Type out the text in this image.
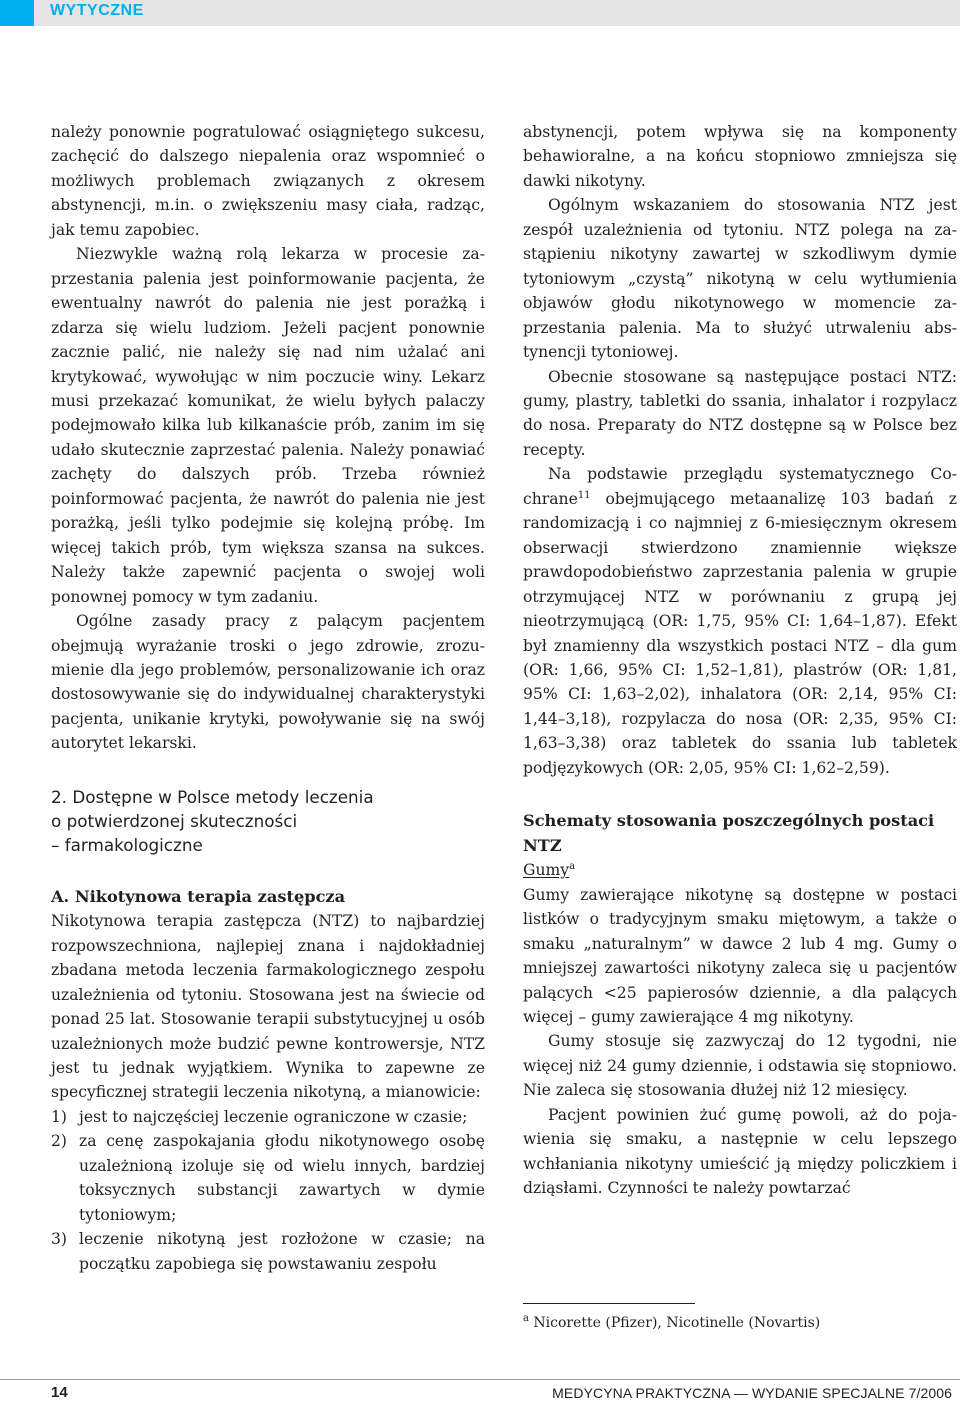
WYTYCZNE

należy ponownie pogratulować osiągniętego sukcesu, zachęcić do dalszego niepalenia oraz wspomnieć o możliwych problemach związanych z okresem abstynencji, m.in. o zwiększeniu masy ciała, radząc, jak temu zapobiec.

Niezwykle ważną rolą lekarza w procesie zaprzestania palenia jest poinformowanie pacjenta, że ewentualny nawrót do palenia nie jest porażką i zdarza się wielu ludziom. Jeżeli pacjent ponownie zacznie palić, nie należy się nad nim użalać ani krytykować, wywołując w nim poczucie winy. Lekarz musi przekazać komunikat, że wielu byłych palaczy podejmowało kilka lub kilkanaście prób, zanim im się udało skutecznie zaprzestać palenia. Należy ponawiać zachęty do dalszych prób. Trzeba również poinformować pacjenta, że nawrót do palenia nie jest porażką, jeśli tylko podejmie się kolejną próbę. Im więcej takich prób, tym większa szansa na sukces. Należy także zapewnić pacjenta o swojej woli ponownej pomocy w tym zadaniu.

Ogólne zasady pracy z palącym pacjentem obejmują wyrażanie troski o jego zdrowie, zrozumienie dla jego problemów, personalizowanie ich oraz dostosowywanie się do indywidualnej charakterystyki pacjenta, unikanie krytyki, powoływanie się na swój autorytet lekarski.

2. Dostępne w Polsce metody leczenia
o potwierdzonej skuteczności
– farmakologiczne
A. Nikotynowa terapia zastępcza

Nikotynowa terapia zastępcza (NTZ) to najbardziej rozpowszechniona, najlepiej znana i najdokładniej zbadana metoda leczenia farmakologicznego zespołu uzależnienia od tytoniu. Stosowana jest na świecie od ponad 25 lat. Stosowanie terapii substytucyjnej u osób uzależnionych może budzić pewne kontrowersje, NTZ jest tu jednak wyjątkiem. Wynika to zapewne ze specyficznej strategii leczenia nikotyną, a mianowicie:

1) jest to najczęściej leczenie ograniczone w czasie;
2) za cenę zaspokajania głodu nikotynowego osobę uzależnioną izoluje się od wielu innych, bardziej toksycznych substancji zawartych w dymie tytoniowym;
3) leczenie nikotyną jest rozłożone w czasie; na początku zapobiega się powstawaniu zespołu

abstynencji, potem wpływa się na komponenty behawioralne, a na końcu stopniowo zmniejsza się dawki nikotyny.

Ogólnym wskazaniem do stosowania NTZ jest zespół uzależnienia od tytoniu. NTZ polega na zastąpieniu nikotyny zawartej w szkodliwym dymie tytoniowym „czystą” nikotyną w celu wytłumienia objawów głodu nikotynowego w momencie zaprzestania palenia. Ma to służyć utrwaleniu abstynencji tytoniowej.

Obecnie stosowane są następujące postaci NTZ: gumy, plastry, tabletki do ssania, inhalator i rozpylacz do nosa. Preparaty do NTZ dostępne są w Polsce bez recepty.

Na podstawie przeglądu systematycznego Cochrane$^{11}$ obejmującego metaanalizę 103 badań z randomizacją i co najmniej z 6-miesięcznym okresem obserwacji stwierdzono znamiennie większe prawdopodobieństwo zaprzestania palenia w grupie otrzymującej NTZ w porównaniu z grupą jej nieotrzymującą (OR: 1,75, 95% CI: 1,64–1,87). Efekt był znamienny dla wszystkich postaci NTZ – dla gum (OR: 1,66, 95% CI: 1,52–1,81), plastrów (OR: 1,81, 95% CI: 1,63–2,02), inhalatora (OR: 2,14, 95% CI: 1,44–3,18), rozpylacza do nosa (OR: 2,35, 95% CI: 1,63–3,38) oraz tabletek do ssania lub tabletek podjęzykowych (OR: 2,05, 95% CI: 1,62–2,59).

Schematy stosowania poszczególnych postaci NTZ
Gumy$^a$

Gumy zawierające nikotynę są dostępne w postaci listków o tradycyjnym smaku miętowym, a także o smaku „naturalnym” w dawce 2 lub 4 mg. Gumy o mniejszej zawartości nikotyny zaleca się u pacjentów palących <25 papierosów dziennie, a dla palących więcej – gumy zawierające 4 mg nikotyny.

Gumy stosuje się zazwyczaj do 12 tygodni, nie więcej niż 24 gumy dziennie, i odstawia się stopniowo. Nie zaleca się stosowania dłużej niż 12 miesięcy.

Pacjent powinien żuć gumę powoli, aż do pojawienia się smaku, a następnie w celu lepszego wchłaniania nikotyny umieścić ją między policzkiem i dziąsłami. Czynności te należy powtarzać

$^a$ Nicorette (Pfizer), Nicotinelle (Novartis)
14	MEDYCYNA PRAKTYCZNA — WYDANIE SPECJALNE 7/2006
